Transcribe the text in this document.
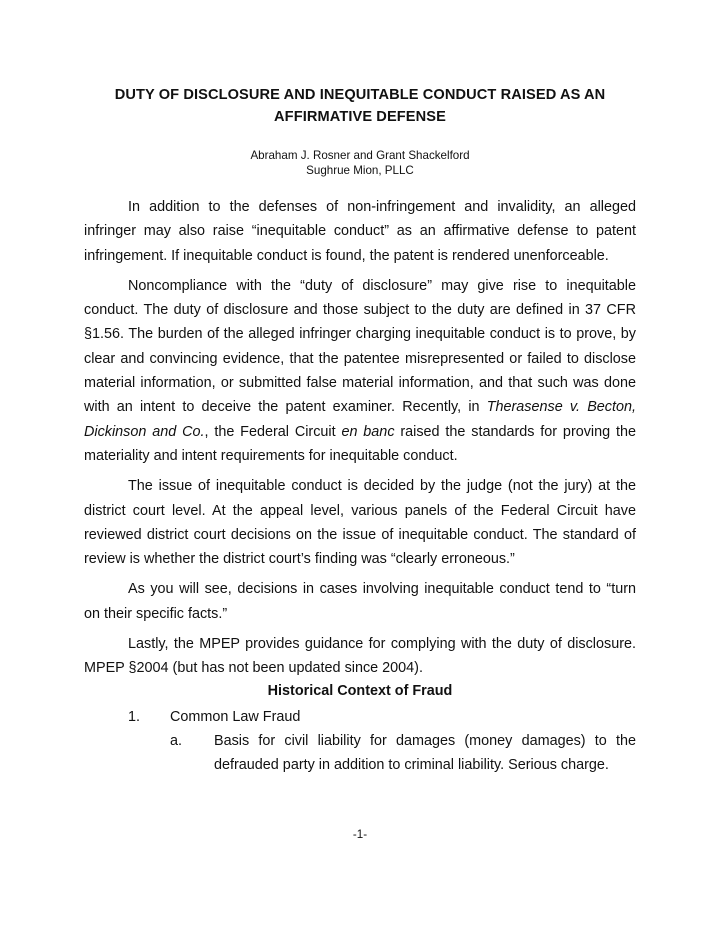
DUTY OF DISCLOSURE AND INEQUITABLE CONDUCT RAISED AS AN AFFIRMATIVE DEFENSE
Abraham J. Rosner and Grant Shackelford
Sughrue Mion, PLLC

In addition to the defenses of non-infringement and invalidity, an alleged infringer may also raise “inequitable conduct” as an affirmative defense to patent infringement. If inequitable conduct is found, the patent is rendered unenforceable.

Noncompliance with the “duty of disclosure” may give rise to inequitable conduct. The duty of disclosure and those subject to the duty are defined in 37 CFR §1.56. The burden of the alleged infringer charging inequitable conduct is to prove, by clear and convincing evidence, that the patentee misrepresented or failed to disclose material information, or submitted false material information, and that such was done with an intent to deceive the patent examiner. Recently, in Therasense v. Becton, Dickinson and Co., the Federal Circuit en banc raised the standards for proving the materiality and intent requirements for inequitable conduct.

The issue of inequitable conduct is decided by the judge (not the jury) at the district court level. At the appeal level, various panels of the Federal Circuit have reviewed district court decisions on the issue of inequitable conduct. The standard of review is whether the district court’s finding was “clearly erroneous.”

As you will see, decisions in cases involving inequitable conduct tend to “turn on their specific facts.”

Lastly, the MPEP provides guidance for complying with the duty of disclosure. MPEP §2004 (but has not been updated since 2004).

Historical Context of Fraud
1. Common Law Fraud
a. Basis for civil liability for damages (money damages) to the defrauded party in addition to criminal liability. Serious charge.
-1-
